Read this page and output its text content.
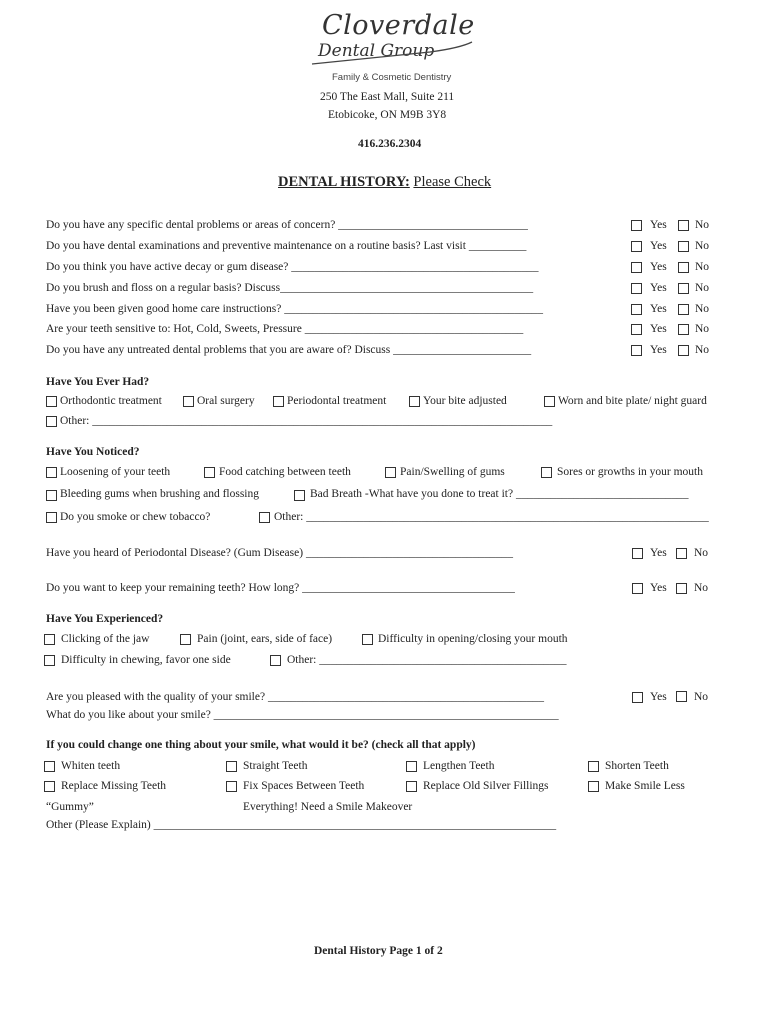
Cloverdale
Dental Group
Family & Cosmetic Dentistry
250 The East Mall, Suite 211
Etobicoke, ON M9B 3Y8
416.236.2304
DENTAL HISTORY: Please Check
Do you have any specific dental problems or areas of concern? _________________________________	Yes No
Do you have dental examinations and preventive maintenance on a routine basis? Last visit __________	Yes No
Do you think you have active decay or gum disease? ___________________________________________	Yes No
Do you brush and floss on a regular basis? Discuss____________________________________________	Yes No
Have you been given good home care instructions? _____________________________________________	Yes No
Are your teeth sensitive to: Hot, Cold, Sweets, Pressure ______________________________________	Yes No
Do you have any untreated dental problems that you are aware of? Discuss ________________________	Yes No
Have You Ever Had?
Orthodontic treatment	Oral surgery	Periodontal treatment	Your bite adjusted	Worn and bite plate/ night guard
Other: ________________________________________________________________________________
Have You Noticed?
Loosening of your teeth	Food catching between teeth	Pain/Swelling of gums	Sores or growths in your mouth
Bleeding gums when brushing and flossing	Bad Breath -What have you done to treat it? ______________________________
Do you smoke or chew tobacco?	Other: ______________________________________________________________________
Have you heard of Periodontal Disease? (Gum Disease) ____________________________________	Yes No
Do you want to keep your remaining teeth? How long? _____________________________________	Yes No
Have You Experienced?
Clicking of the jaw	Pain (joint, ears, side of face)	Difficulty in opening/closing your mouth
Difficulty in chewing, favor one side	Other: ___________________________________________
Are you pleased with the quality of your smile? ________________________________________________	Yes No
What do you like about your smile? ____________________________________________________________
If you could change one thing about your smile, what would it be? (check all that apply)
Whiten teeth	Straight Teeth	Lengthen Teeth	Shorten Teeth
Replace Missing Teeth	Fix Spaces Between Teeth	Replace Old Silver Fillings	Make Smile Less
“Gummy”	Everything! Need a Smile Makeover
Other (Please Explain) ______________________________________________________________________
Dental History Page 1 of 2
